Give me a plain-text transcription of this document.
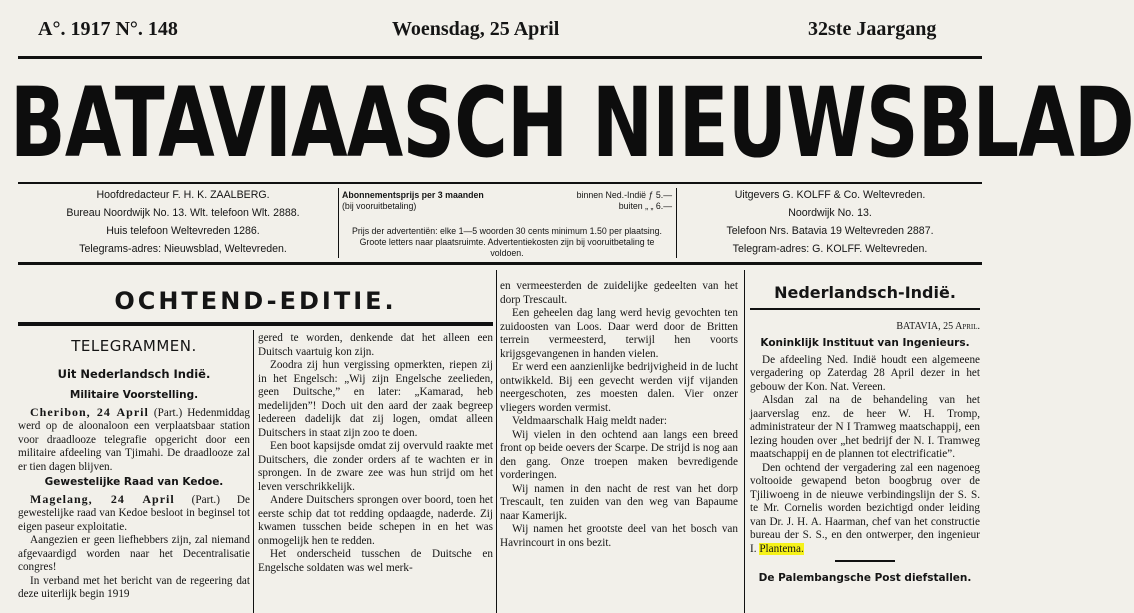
A°. 1917 N°. 148	Woensdag, 25 April	32ste Jaargang
BATAVIAASCH NIEUWSBLAD
Hoofdredacteur F. H. K. ZAALBERG.
Bureau Noordwijk No. 13. Wlt. telefoon Wlt. 2888.
Huis telefoon Weltevreden 1286.
Telegrams-adres: Nieuwsblad, Weltevreden.
Abonnementsprijs per 3 maanden	binnen Ned.-Indië ƒ 5.—
(bij vooruitbetaling)	buiten „ „ 6.—
Prijs der advertentiën: elke 1—5 woorden 30 cents minimum 1.50 per plaatsing. Groote letters naar plaatsruimte. Advertentiekosten zijn bij vooruitbetaling te voldoen.
Uitgevers G. KOLFF & Co. Weltevreden.
Noordwijk No. 13.
Telefoon Nrs. Batavia 19 Weltevreden 2887.
Telegram-adres: G. KOLFF. Weltevreden.
OCHTEND-EDITIE.
TELEGRAMMEN.
Uit Nederlandsch Indië.
Militaire Voorstelling.

Cheribon, 24 April (Part.) Hedenmiddag werd op de aloonaloon een verplaatsbaar station voor draadlooze telegrafie opgericht door een militaire afdeeling van Tjimahi. De draadlooze zal er tien dagen blijven.

Gewestelijke Raad van Kedoe.

Magelang, 24 April (Part.) De gewestelijke raad van Kedoe besloot in beginsel tot eigen paseur exploitatie.

Aangezien er geen liefhebbers zijn, zal niemand afgevaardigd worden naar het Decentralisatie congres!

In verband met het bericht van de regeering dat deze uiterlijk begin 1919

gered te worden, denkende dat het alleen een Duitsch vaartuig kon zijn.

Zoodra zij hun vergissing opmerkten, riepen zij in het Engelsch: „Wij zijn Engelsche zeelieden, geen Duitsche,” en later: „Kamarad, heb medelijden”! Doch uit den aard der zaak begreep ledereen dadelijk dat zij logen, omdat alleen Duitschers in staat zijn zoo te doen.

Een boot kapsijsde omdat zij overvuld raakte met Duitschers, die zonder orders af te wachten er in sprongen. In de zware zee was hun strijd om het leven verschrikkelijk.

Andere Duitschers sprongen over boord, toen het eerste schip dat tot redding opdaagde, naderde. Zij kwamen tusschen beide schepen in en het was onmogelijk hen te redden.

Het onderscheid tusschen de Duitsche en Engelsche soldaten was wel merk-

en vermeesterden de zuidelijke gedeelten van het dorp Trescault.

Een geheelen dag lang werd hevig gevochten ten zuidoosten van Loos. Daar werd door de Britten terrein vermeesterd, terwijl hen voorts krijgsgevangenen in handen vielen.

Er werd een aanzienlijke bedrijvigheid in de lucht ontwikkeld. Bij een gevecht werden vijf vijanden neergeschoten, zes moesten dalen. Vier onzer vliegers worden vermist.

Veldmaarschalk Haig meldt nader:

Wij vielen in den ochtend aan langs een breed front op beide oevers der Scarpe. De strijd is nog aan den gang. Onze troepen maken bevredigende vorderingen.

Wij namen in den nacht de rest van het dorp Trescault, ten zuiden van den weg van Bapaume naar Kamerijk.

Wij namen het grootste deel van het bosch van Havrincourt in ons bezit.

Nederlandsch-Indië.
BATAVIA, 25 April.
Koninklijk Instituut van Ingenieurs.

De afdeeling Ned. Indië houdt een algemeene vergadering op Zaterdag 28 April dezer in het gebouw der Kon. Nat. Vereen.

Alsdan zal na de behandeling van het jaarverslag enz. de heer W. H. Tromp, administrateur der N I Tramweg maatschappij, een lezing houden over „het bedrijf der N. I. Tramweg maatschappij en de plannen tot electrificatie”.

Den ochtend der vergadering zal een nagenoeg voltooide gewapend beton boogbrug over de Tjiliwoeng in de nieuwe verbindingslijn der S. S. te Mr. Cornelis worden bezichtigd onder leiding van Dr. J. H. A. Haarman, chef van het constructie bureau der S. S., en den ontwerper, den ingenieur I. Plantema.

De Palembangsche Post diefstallen.
